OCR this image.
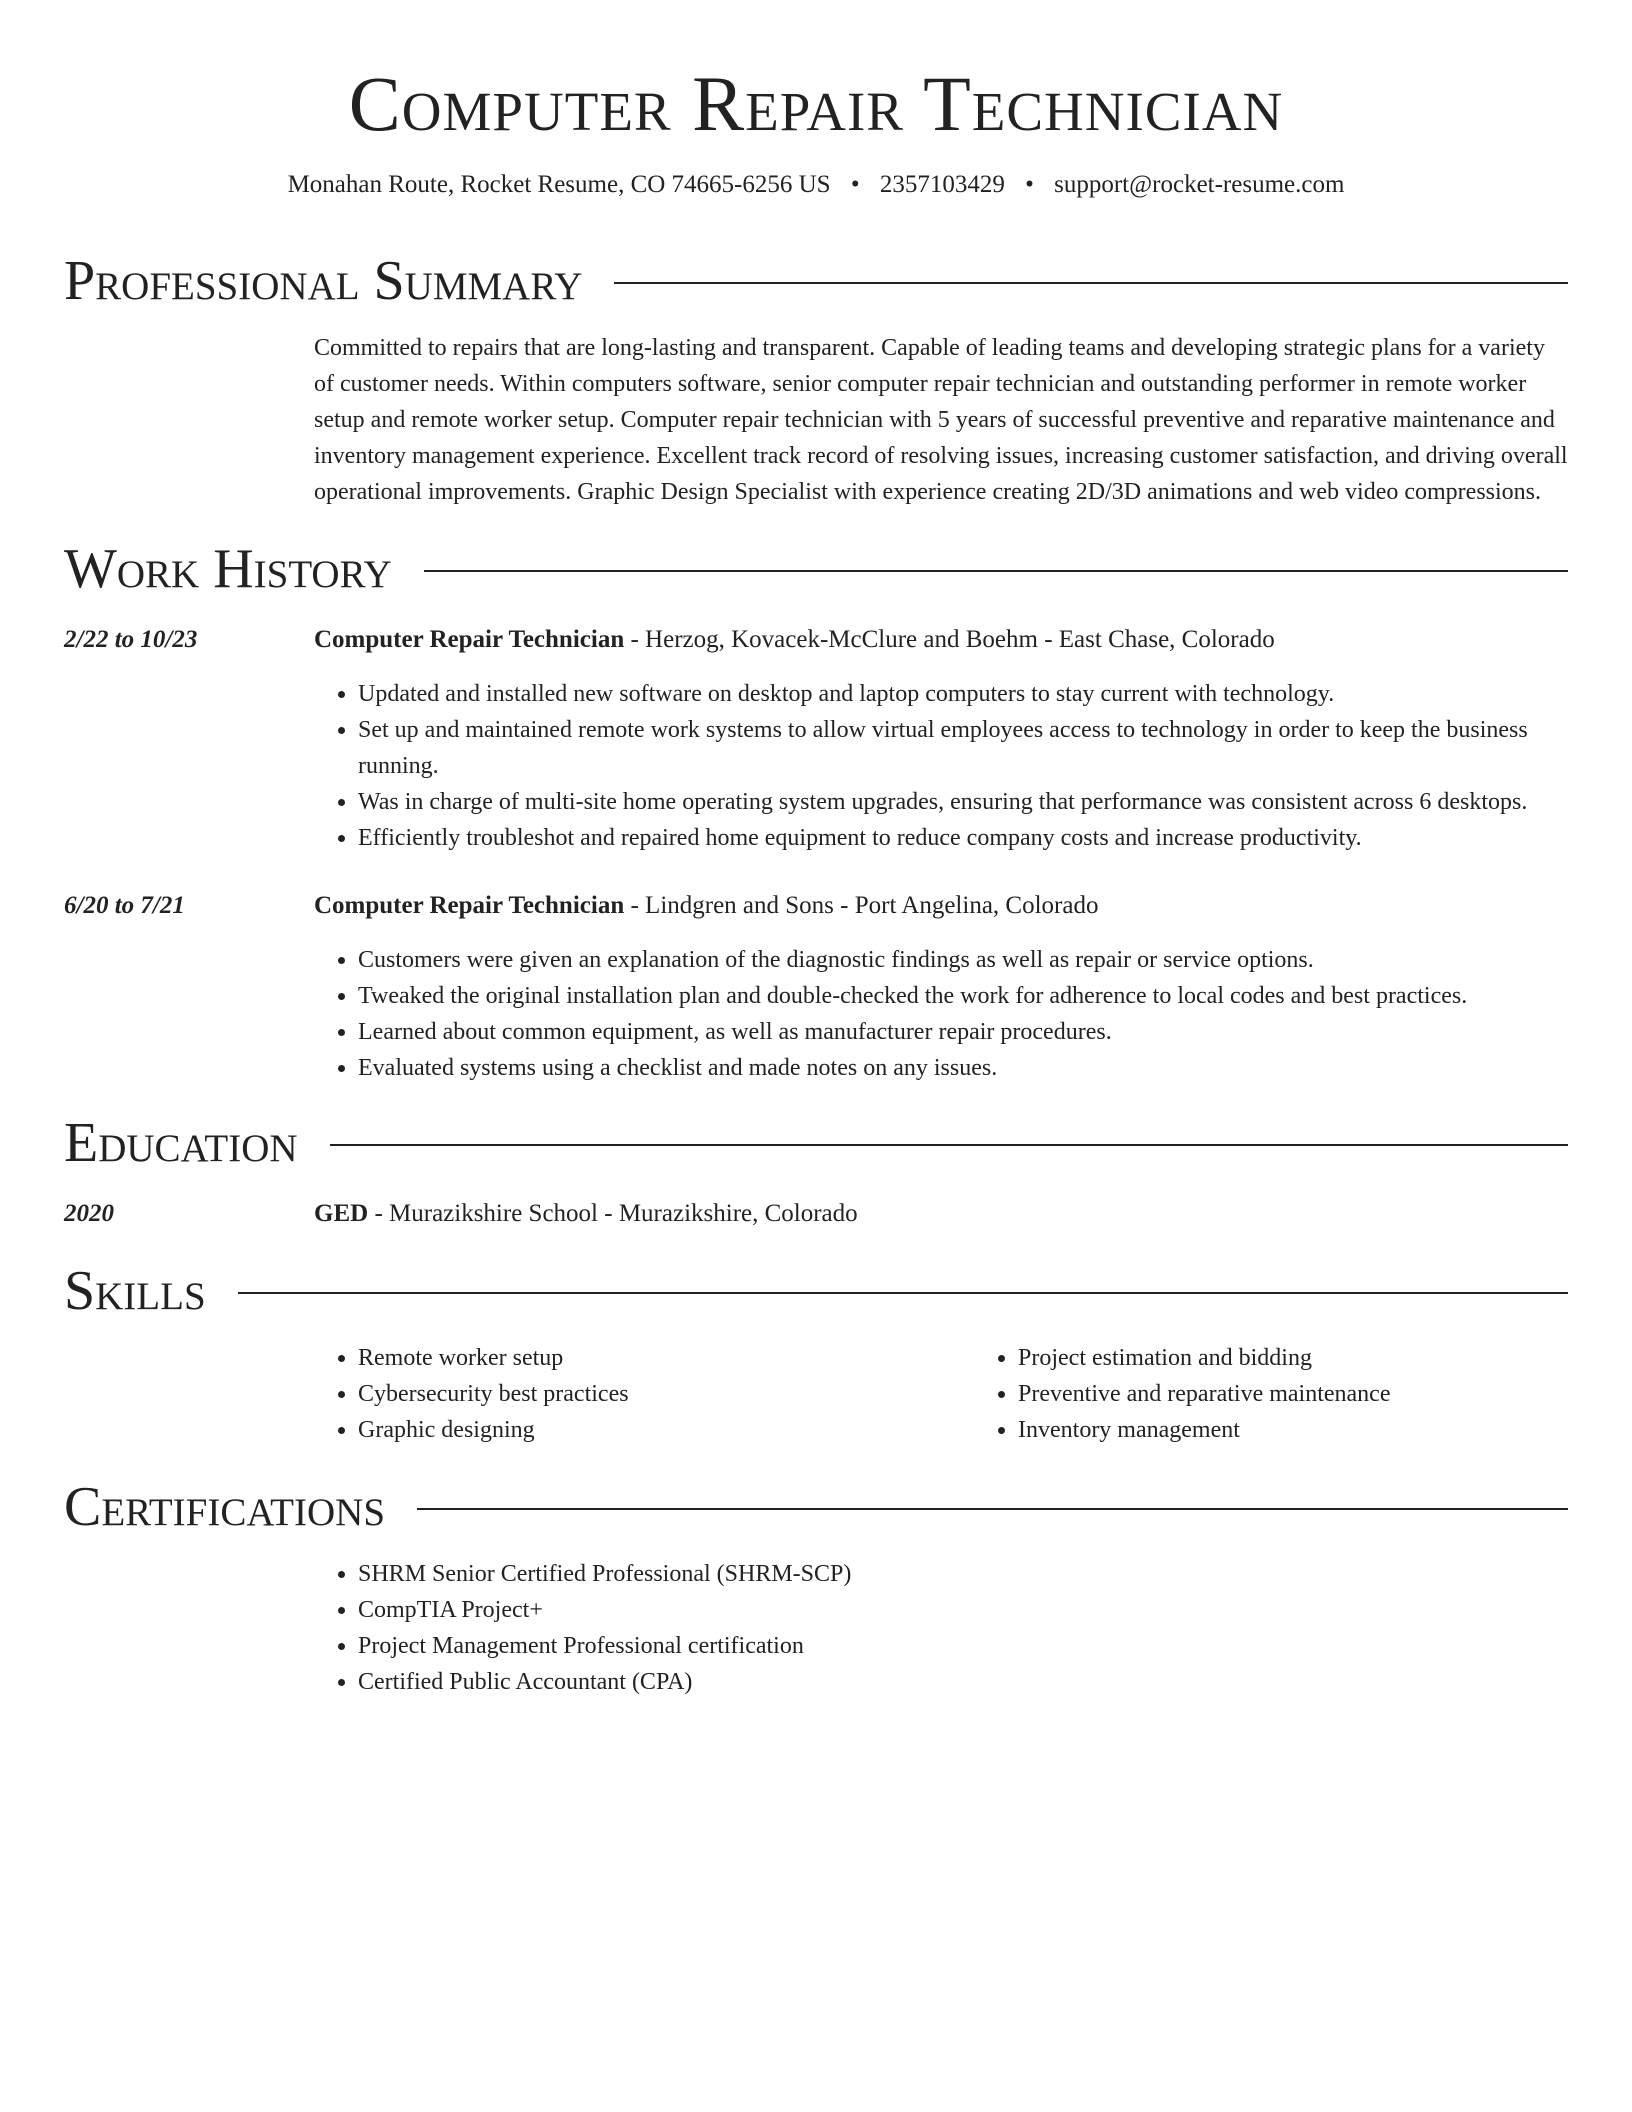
Computer Repair Technician
Monahan Route, Rocket Resume, CO 74665-6256 US • 2357103429 • support@rocket-resume.com
Professional Summary
Committed to repairs that are long-lasting and transparent. Capable of leading teams and developing strategic plans for a variety of customer needs. Within computers software, senior computer repair technician and outstanding performer in remote worker setup and remote worker setup. Computer repair technician with 5 years of successful preventive and reparative maintenance and inventory management experience. Excellent track record of resolving issues, increasing customer satisfaction, and driving overall operational improvements. Graphic Design Specialist with experience creating 2D/3D animations and web video compressions.
Work History
2/22 to 10/23	Computer Repair Technician - Herzog, Kovacek-McClure and Boehm - East Chase, Colorado
• Updated and installed new software on desktop and laptop computers to stay current with technology.
• Set up and maintained remote work systems to allow virtual employees access to technology in order to keep the business running.
• Was in charge of multi-site home operating system upgrades, ensuring that performance was consistent across 6 desktops.
• Efficiently troubleshot and repaired home equipment to reduce company costs and increase productivity.
6/20 to 7/21	Computer Repair Technician - Lindgren and Sons - Port Angelina, Colorado
• Customers were given an explanation of the diagnostic findings as well as repair or service options.
• Tweaked the original installation plan and double-checked the work for adherence to local codes and best practices.
• Learned about common equipment, as well as manufacturer repair procedures.
• Evaluated systems using a checklist and made notes on any issues.
Education
2020	GED - Murazikshire School - Murazikshire, Colorado
Skills
• Remote worker setup
• Cybersecurity best practices
• Graphic designing
• Project estimation and bidding
• Preventive and reparative maintenance
• Inventory management
Certifications
• SHRM Senior Certified Professional (SHRM-SCP)
• CompTIA Project+
• Project Management Professional certification
• Certified Public Accountant (CPA)
